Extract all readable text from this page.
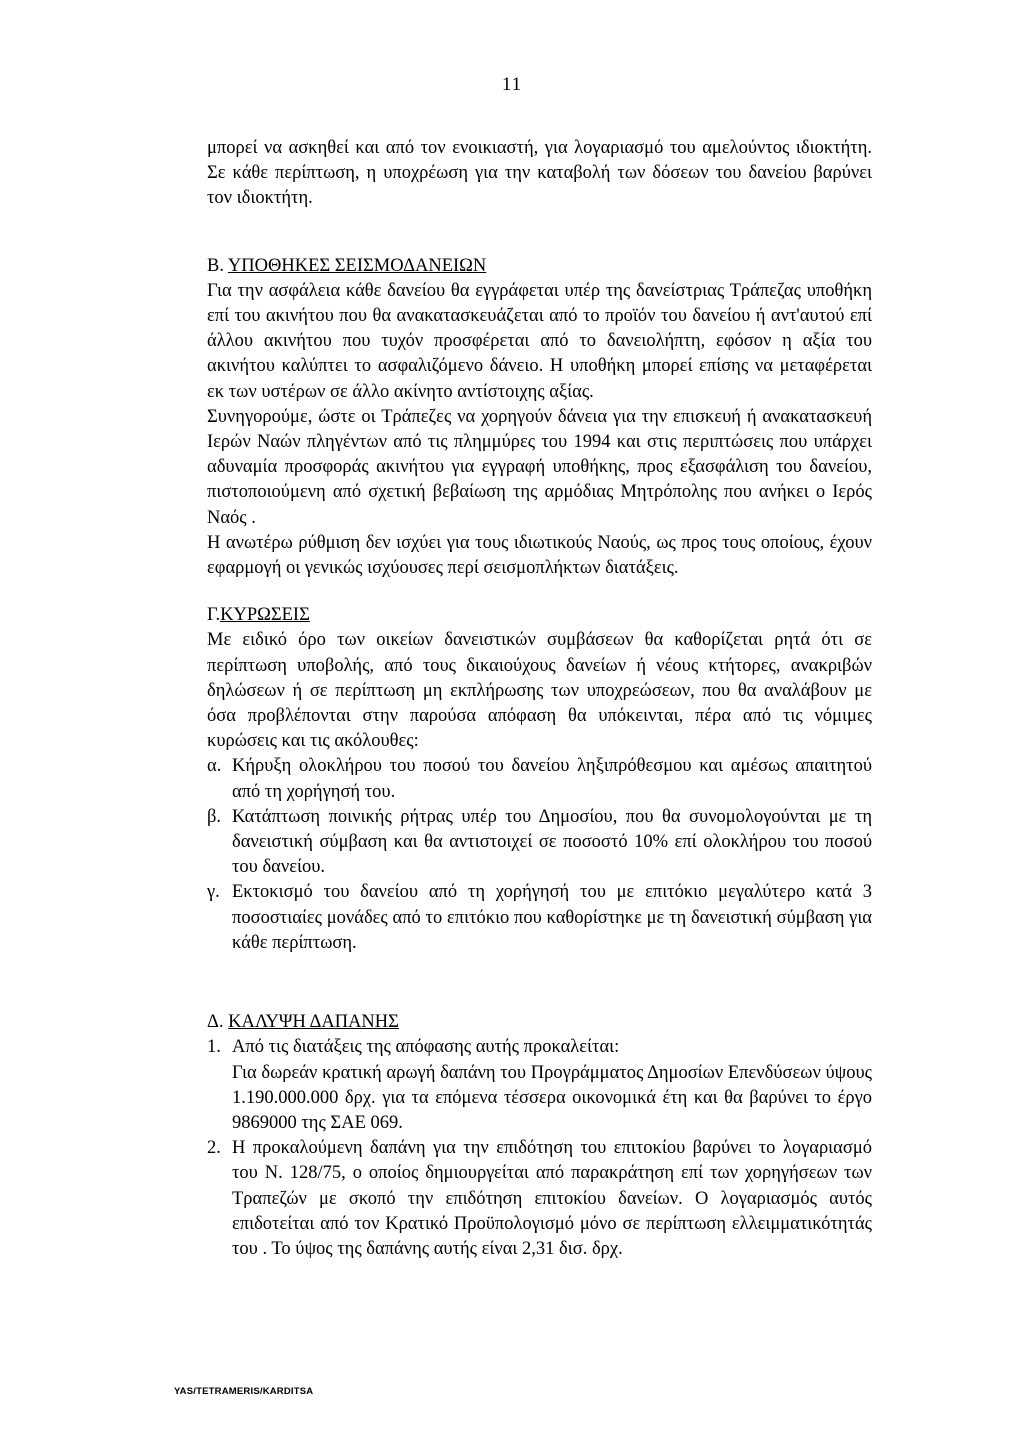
11

μπορεί να ασκηθεί και από τον ενοικιαστή, για λογαριασμό του αμελούντος ιδιοκτήτη. Σε κάθε περίπτωση, η υποχρέωση για την καταβολή των δόσεων του δανείου βαρύνει τον ιδιοκτήτη.

Β. ΥΠΟΘΗΚΕΣ ΣΕΙΣΜΟΔΑΝΕΙΩΝ

Για την ασφάλεια κάθε δανείου θα εγγράφεται υπέρ της δανείστριας Τράπεζας υποθήκη επί του ακινήτου που θα ανακατασκευάζεται από το προϊόν του δανείου ή αντ'αυτού επί άλλου ακινήτου που τυχόν προσφέρεται από το δανειολήπτη, εφόσον η αξία του ακινήτου καλύπτει το ασφαλιζόμενο δάνειο. Η υποθήκη μπορεί επίσης να μεταφέρεται εκ των υστέρων σε άλλο ακίνητο αντίστοιχης αξίας.

Συνηγορούμε, ώστε οι Τράπεζες να χορηγούν δάνεια για την επισκευή ή ανακατασκευή Ιερών Ναών πληγέντων από τις πλημμύρες του 1994 και στις περιπτώσεις που υπάρχει αδυναμία προσφοράς ακινήτου για εγγραφή υποθήκης, προς εξασφάλιση του δανείου, πιστοποιούμενη από σχετική βεβαίωση της αρμόδιας Μητρόπολης που ανήκει ο Ιερός Ναός .

Η ανωτέρω ρύθμιση δεν ισχύει για τους ιδιωτικούς Ναούς, ως προς τους οποίους, έχουν εφαρμογή οι γενικώς ισχύουσες περί σεισμοπλήκτων διατάξεις.

Γ.ΚΥΡΩΣΕΙΣ

Με ειδικό όρο των οικείων δανειστικών συμβάσεων θα καθορίζεται ρητά ότι σε περίπτωση υποβολής, από τους δικαιούχους δανείων ή νέους κτήτορες, ανακριβών δηλώσεων ή σε περίπτωση μη εκπλήρωσης των υποχρεώσεων, που θα αναλάβουν με όσα προβλέπονται στην παρούσα απόφαση θα υπόκεινται, πέρα από τις νόμιμες κυρώσεις και τις ακόλουθες:

α. Κήρυξη ολοκλήρου του ποσού του δανείου ληξιπρόθεσμου και αμέσως απαιτητού από τη χορήγησή του.
β. Κατάπτωση ποινικής ρήτρας υπέρ του Δημοσίου, που θα συνομολογούνται με τη δανειστική σύμβαση και θα αντιστοιχεί σε ποσοστό 10% επί ολοκλήρου του ποσού του δανείου.
γ. Εκτοκισμό του δανείου από τη χορήγησή του με επιτόκιο μεγαλύτερο κατά 3 ποσοστιαίες μονάδες από το επιτόκιο που καθορίστηκε με τη δανειστική σύμβαση για κάθε περίπτωση.
Δ. ΚΑΛΥΨΗ ΔΑΠΑΝΗΣ
1. Από τις διατάξεις της απόφασης αυτής προκαλείται:

Για δωρεάν κρατική αρωγή δαπάνη του Προγράμματος Δημοσίων Επενδύσεων ύψους 1.190.000.000 δρχ. για τα επόμενα τέσσερα οικονομικά έτη και θα βαρύνει το έργο 9869000 της ΣΑΕ 069.

2. Η προκαλούμενη δαπάνη για την επιδότηση του επιτοκίου βαρύνει το λογαριασμό του Ν. 128/75, ο οποίος δημιουργείται από παρακράτηση επί των χορηγήσεων των Τραπεζών με σκοπό την επιδότηση επιτοκίου δανείων. Ο λογαριασμός αυτός επιδοτείται από τον Κρατικό Προϋπολογισμό μόνο σε περίπτωση ελλειμματικότητάς του . Το ύψος της δαπάνης αυτής είναι 2,31 δισ. δρχ.
YAS/TETRAMERIS/KARDITSA
